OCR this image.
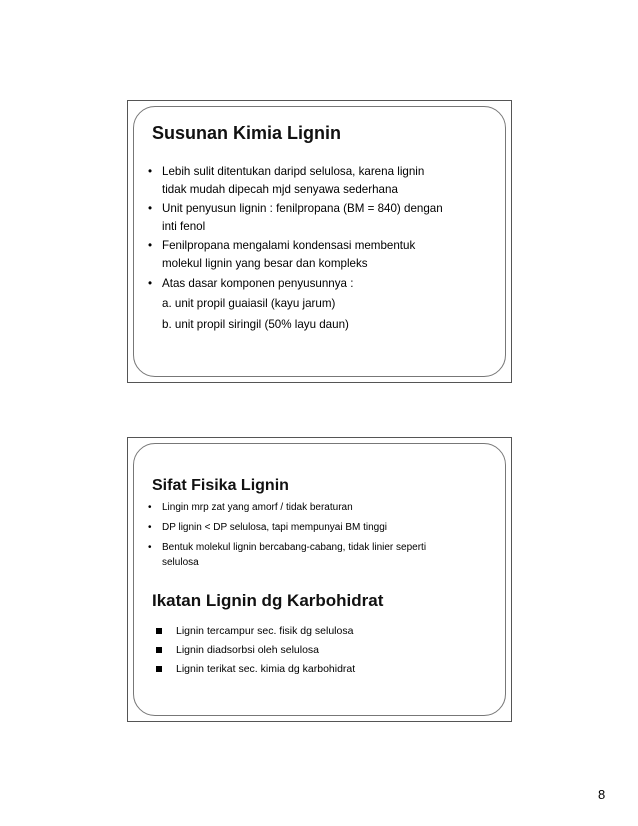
Susunan Kimia Lignin
• Lebih sulit ditentukan daripd selulosa, karena lignin
tidak mudah dipecah mjd senyawa sederhana
• Unit penyusun lignin : fenilpropana (BM = 840) dengan
inti fenol
• Fenilpropana mengalami kondensasi membentuk
molekul lignin yang besar dan kompleks
• Atas dasar komponen penyusunnya :

a. unit propil guaiasil (kayu jarum)
b. unit propil siringil (50% layu daun)
Sifat Fisika Lignin
• Lingin mrp zat yang amorf / tidak beraturan
• DP lignin < DP selulosa, tapi mempunyai BM tinggi
• Bentuk molekul lignin bercabang-cabang, tidak linier seperti
selulosa
Ikatan Lignin dg Karbohidrat
Lignin tercampur sec. fisik dg selulosa
Lignin diadsorbsi oleh selulosa
Lignin terikat sec. kimia dg karbohidrat
8
